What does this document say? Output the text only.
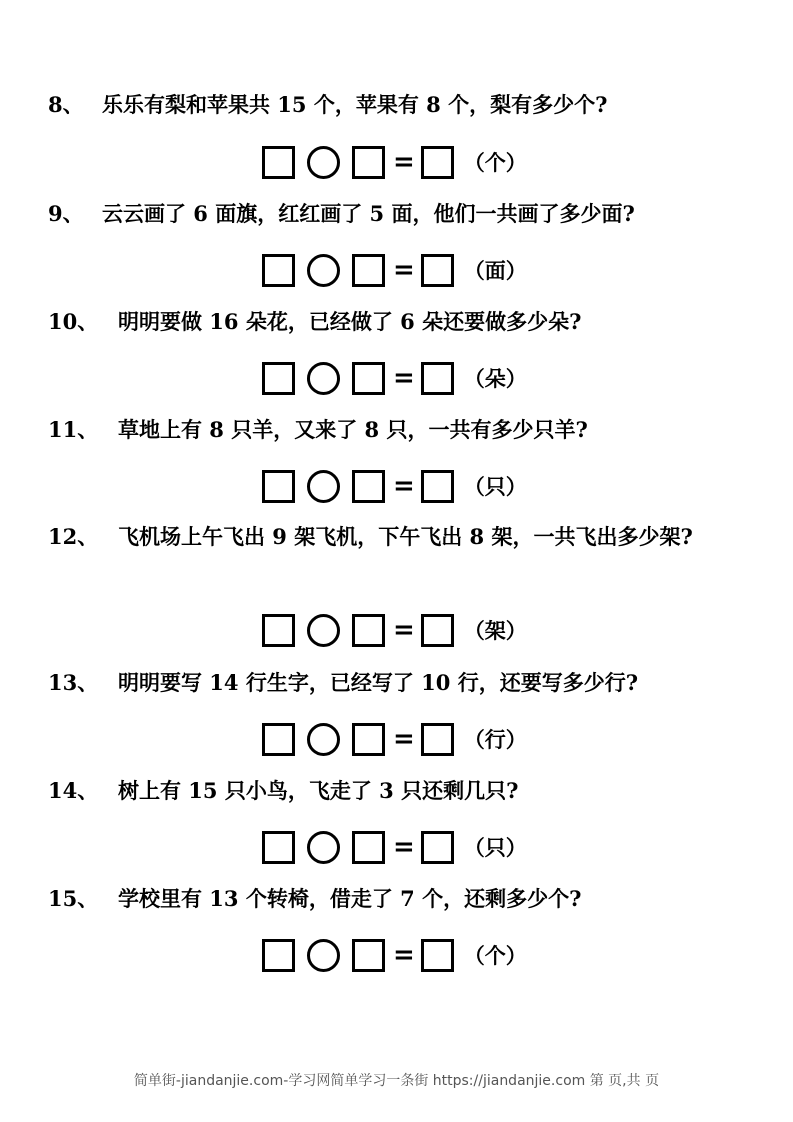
8、 乐乐有梨和苹果共 15 个，苹果有 8 个，梨有多少个?
= （个）
9、 云云画了 6 面旗，红红画了 5 面，他们一共画了多少面?
= （面）
10、 明明要做 16 朵花，已经做了 6 朵还要做多少朵?
= （朵）
11、 草地上有 8 只羊，又来了 8 只，一共有多少只羊?
= （只）
12、 飞机场上午飞出 9 架飞机，下午飞出 8 架，一共飞出多少架?
= （架）
13、 明明要写 14 行生字，已经写了 10 行，还要写多少行?
= （行）
14、 树上有 15 只小鸟，飞走了 3 只还剩几只?
= （只）
15、 学校里有 13 个转椅，借走了 7 个，还剩多少个?
= （个）
简单街-jiandanjie.com-学习网简单学习一条街 https://jiandanjie.com 第 页,共 页
